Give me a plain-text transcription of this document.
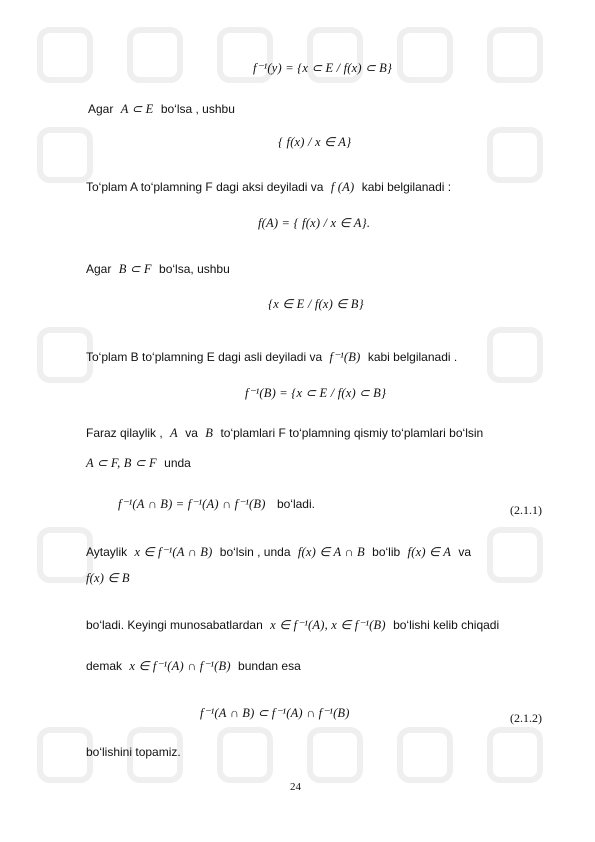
f⁻¹(y) = {x ⊂ E / f(x) ⊂ B}
Agar A ⊂ E bo‘lsa , ushbu
{ f(x) / x ∈ A}
To‘plam A to‘plamning F dagi aksi deyiladi va f (A) kabi belgilanadi :
f(A) = { f(x) / x ∈ A}.
Agar B ⊂ F bo‘lsa, ushbu
{x ∈ E / f(x) ∈ B}
To‘plam B to‘plamning E dagi asli deyiladi va f⁻¹(B) kabi belgilanadi .
f⁻¹(B) = {x ⊂ E / f(x) ⊂ B}
Faraz qilaylik , A va B to‘plamlari F to‘plamning qismiy to‘plamlari bo‘lsin
A ⊂ F, B ⊂ F unda
f⁻¹(A ∩ B) = f⁻¹(A) ∩ f⁻¹(B) bo‘ladi.	(2.1.1)
Aytaylik x ∈ f⁻¹(A ∩ B) bo‘lsin , unda f(x) ∈ A ∩ B bo‘lib f(x) ∈ A va
f(x) ∈ B
bo‘ladi. Keyingi munosabatlardan x ∈ f⁻¹(A), x ∈ f⁻¹(B) bo‘lishi kelib chiqadi
demak x ∈ f⁻¹(A) ∩ f⁻¹(B) bundan esa
f⁻¹(A ∩ B) ⊂ f⁻¹(A) ∩ f⁻¹(B)	(2.1.2)
bo‘lishini topamiz.
24
